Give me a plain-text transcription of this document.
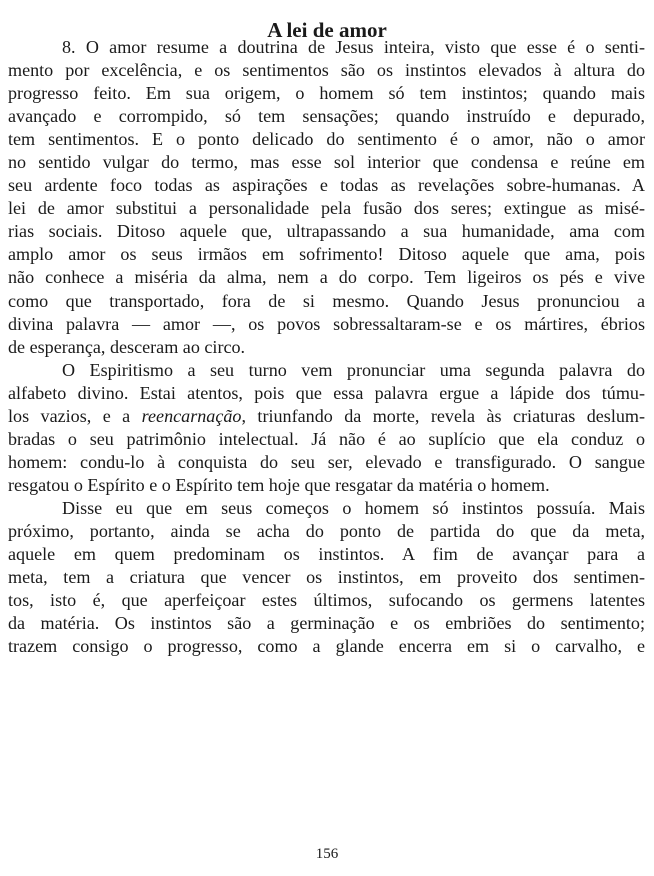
A lei de amor
8. O amor resume a doutrina de Jesus inteira, visto que esse é o senti-
mento por excelência, e os sentimentos são os instintos elevados à altura do
progresso feito. Em sua origem, o homem só tem instintos; quando mais
avançado e corrompido, só tem sensações; quando instruído e depurado,
tem sentimentos. E o ponto delicado do sentimento é o amor, não o amor
no sentido vulgar do termo, mas esse sol interior que condensa e reúne em
seu ardente foco todas as aspirações e todas as revelações sobre-humanas. A
lei de amor substitui a personalidade pela fusão dos seres; extingue as misé-
rias sociais. Ditoso aquele que, ultrapassando a sua humanidade, ama com
amplo amor os seus irmãos em sofrimento! Ditoso aquele que ama, pois
não conhece a miséria da alma, nem a do corpo. Tem ligeiros os pés e vive
como que transportado, fora de si mesmo. Quando Jesus pronunciou a
divina palavra — amor —, os povos sobressaltaram-se e os mártires, ébrios
de esperança, desceram ao circo.
O Espiritismo a seu turno vem pronunciar uma segunda palavra do
alfabeto divino. Estai atentos, pois que essa palavra ergue a lápide dos túmu-
los vazios, e a reencarnação, triunfando da morte, revela às criaturas deslum-
bradas o seu patrimônio intelectual. Já não é ao suplício que ela conduz o
homem: condu-lo à conquista do seu ser, elevado e transfigurado. O sangue
resgatou o Espírito e o Espírito tem hoje que resgatar da matéria o homem.
Disse eu que em seus começos o homem só instintos possuía. Mais
próximo, portanto, ainda se acha do ponto de partida do que da meta,
aquele em quem predominam os instintos. A fim de avançar para a
meta, tem a criatura que vencer os instintos, em proveito dos sentimen-
tos, isto é, que aperfeiçoar estes últimos, sufocando os germens latentes
da matéria. Os instintos são a germinação e os embriões do sentimento;
trazem consigo o progresso, como a glande encerra em si o carvalho, e
156
